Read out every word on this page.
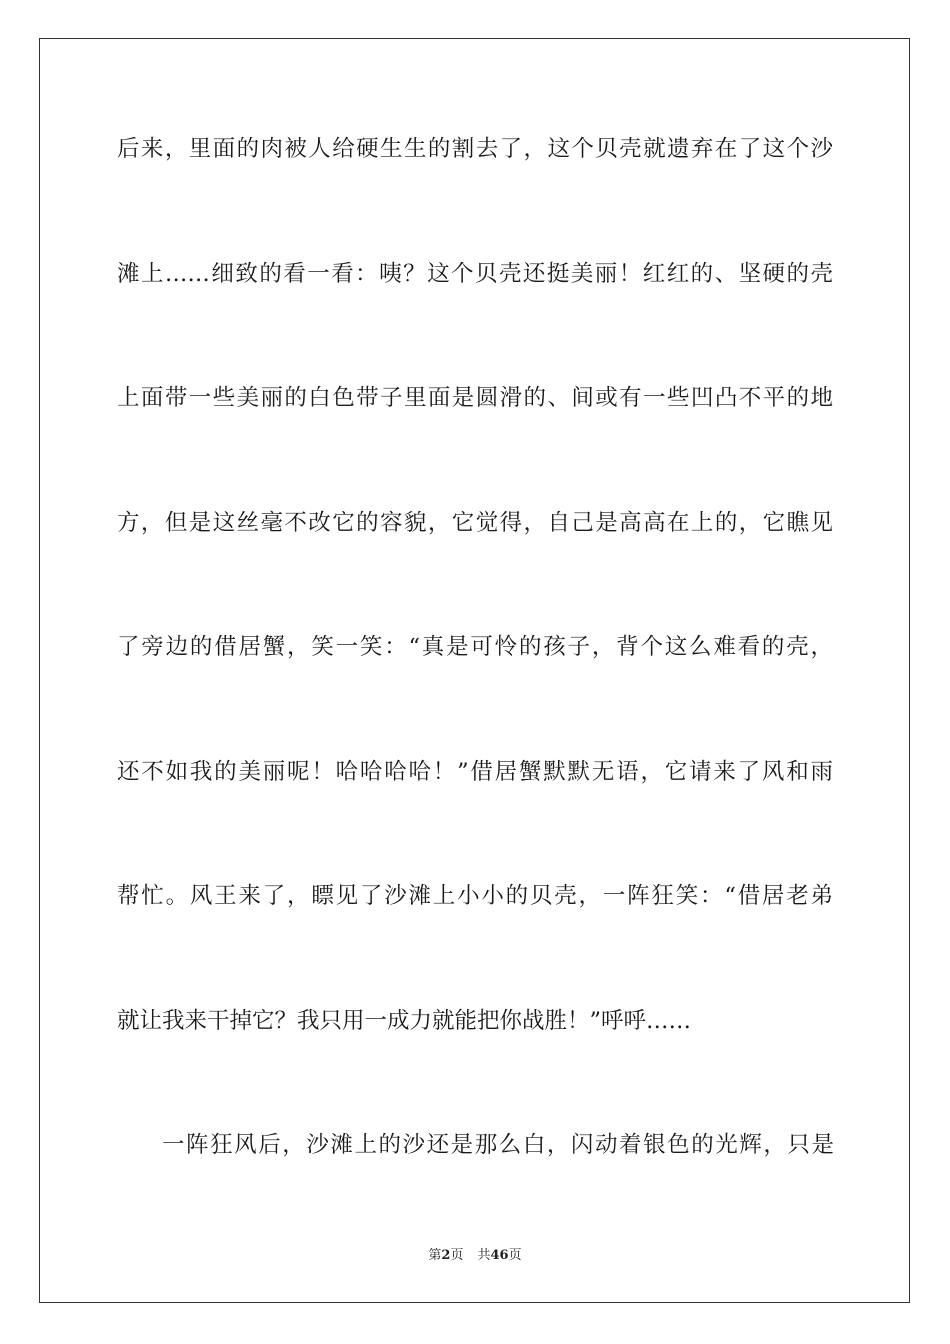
后来，里面的肉被人给硬生生的割去了，这个贝壳就遗弃在了这个沙
滩上……细致的看一看：咦？这个贝壳还挺美丽！红红的、坚硬的壳
上面带一些美丽的白色带子里面是圆滑的、间或有一些凹凸不平的地
方，但是这丝毫不改它的容貌，它觉得，自己是高高在上的，它瞧见
了旁边的借居蟹，笑一笑：“真是可怜的孩子，背个这么难看的壳，
还不如我的美丽呢！哈哈哈哈！”借居蟹默默无语，它请来了风和雨
帮忙。风王来了，瞟见了沙滩上小小的贝壳，一阵狂笑：“借居老弟
就让我来干掉它？我只用一成力就能把你战胜！”呼呼……
一阵狂风后，沙滩上的沙还是那么白，闪动着银色的光辉，只是
第2页 共46页
